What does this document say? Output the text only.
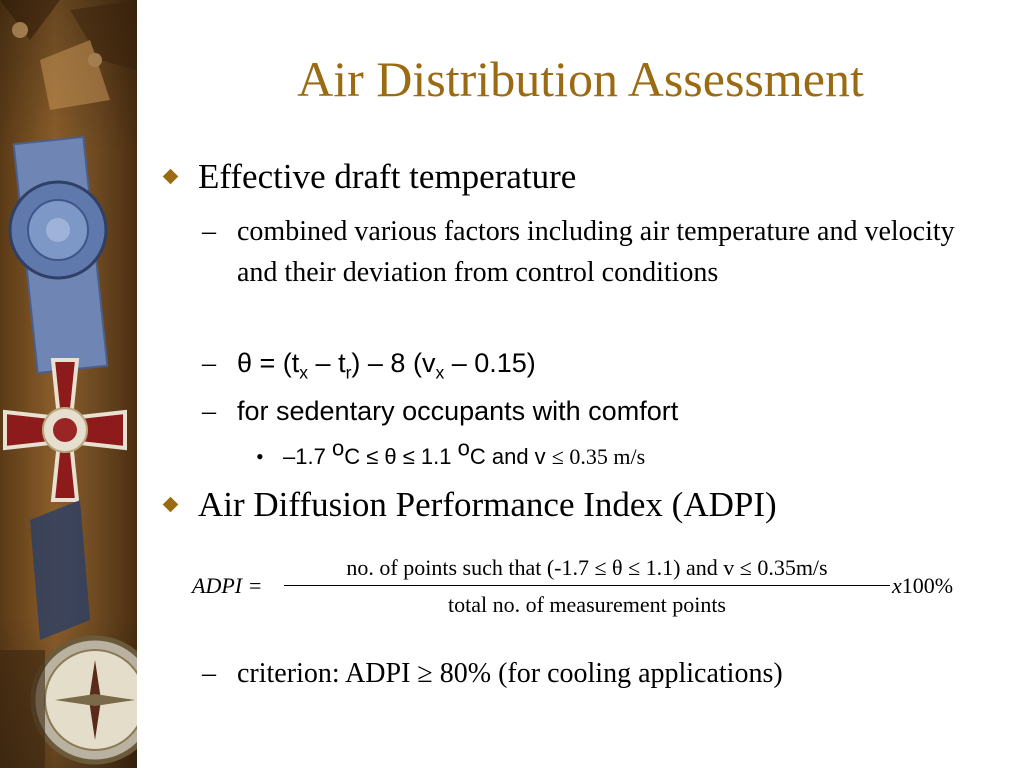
Air Distribution Assessment
Effective draft temperature
– combined various factors including air temperature and velocity and their deviation from control conditions
– $\theta = (t_x - t_r) - 8$ $(v_x - 0.15)$
– for sedentary occupants with comfort
• –1.7 $^o$C ≤ θ ≤ 1.1 $^o$C and v ≤ 0.35 m/s
Air Diffusion Performance Index (ADPI)
ADPI =
no. of points such that (-1.7 ≤ θ ≤ 1.1) and v ≤ 0.35m/s
total no. of measurement points
x100%
– criterion: ADPI ≥ 80% (for cooling applications)
